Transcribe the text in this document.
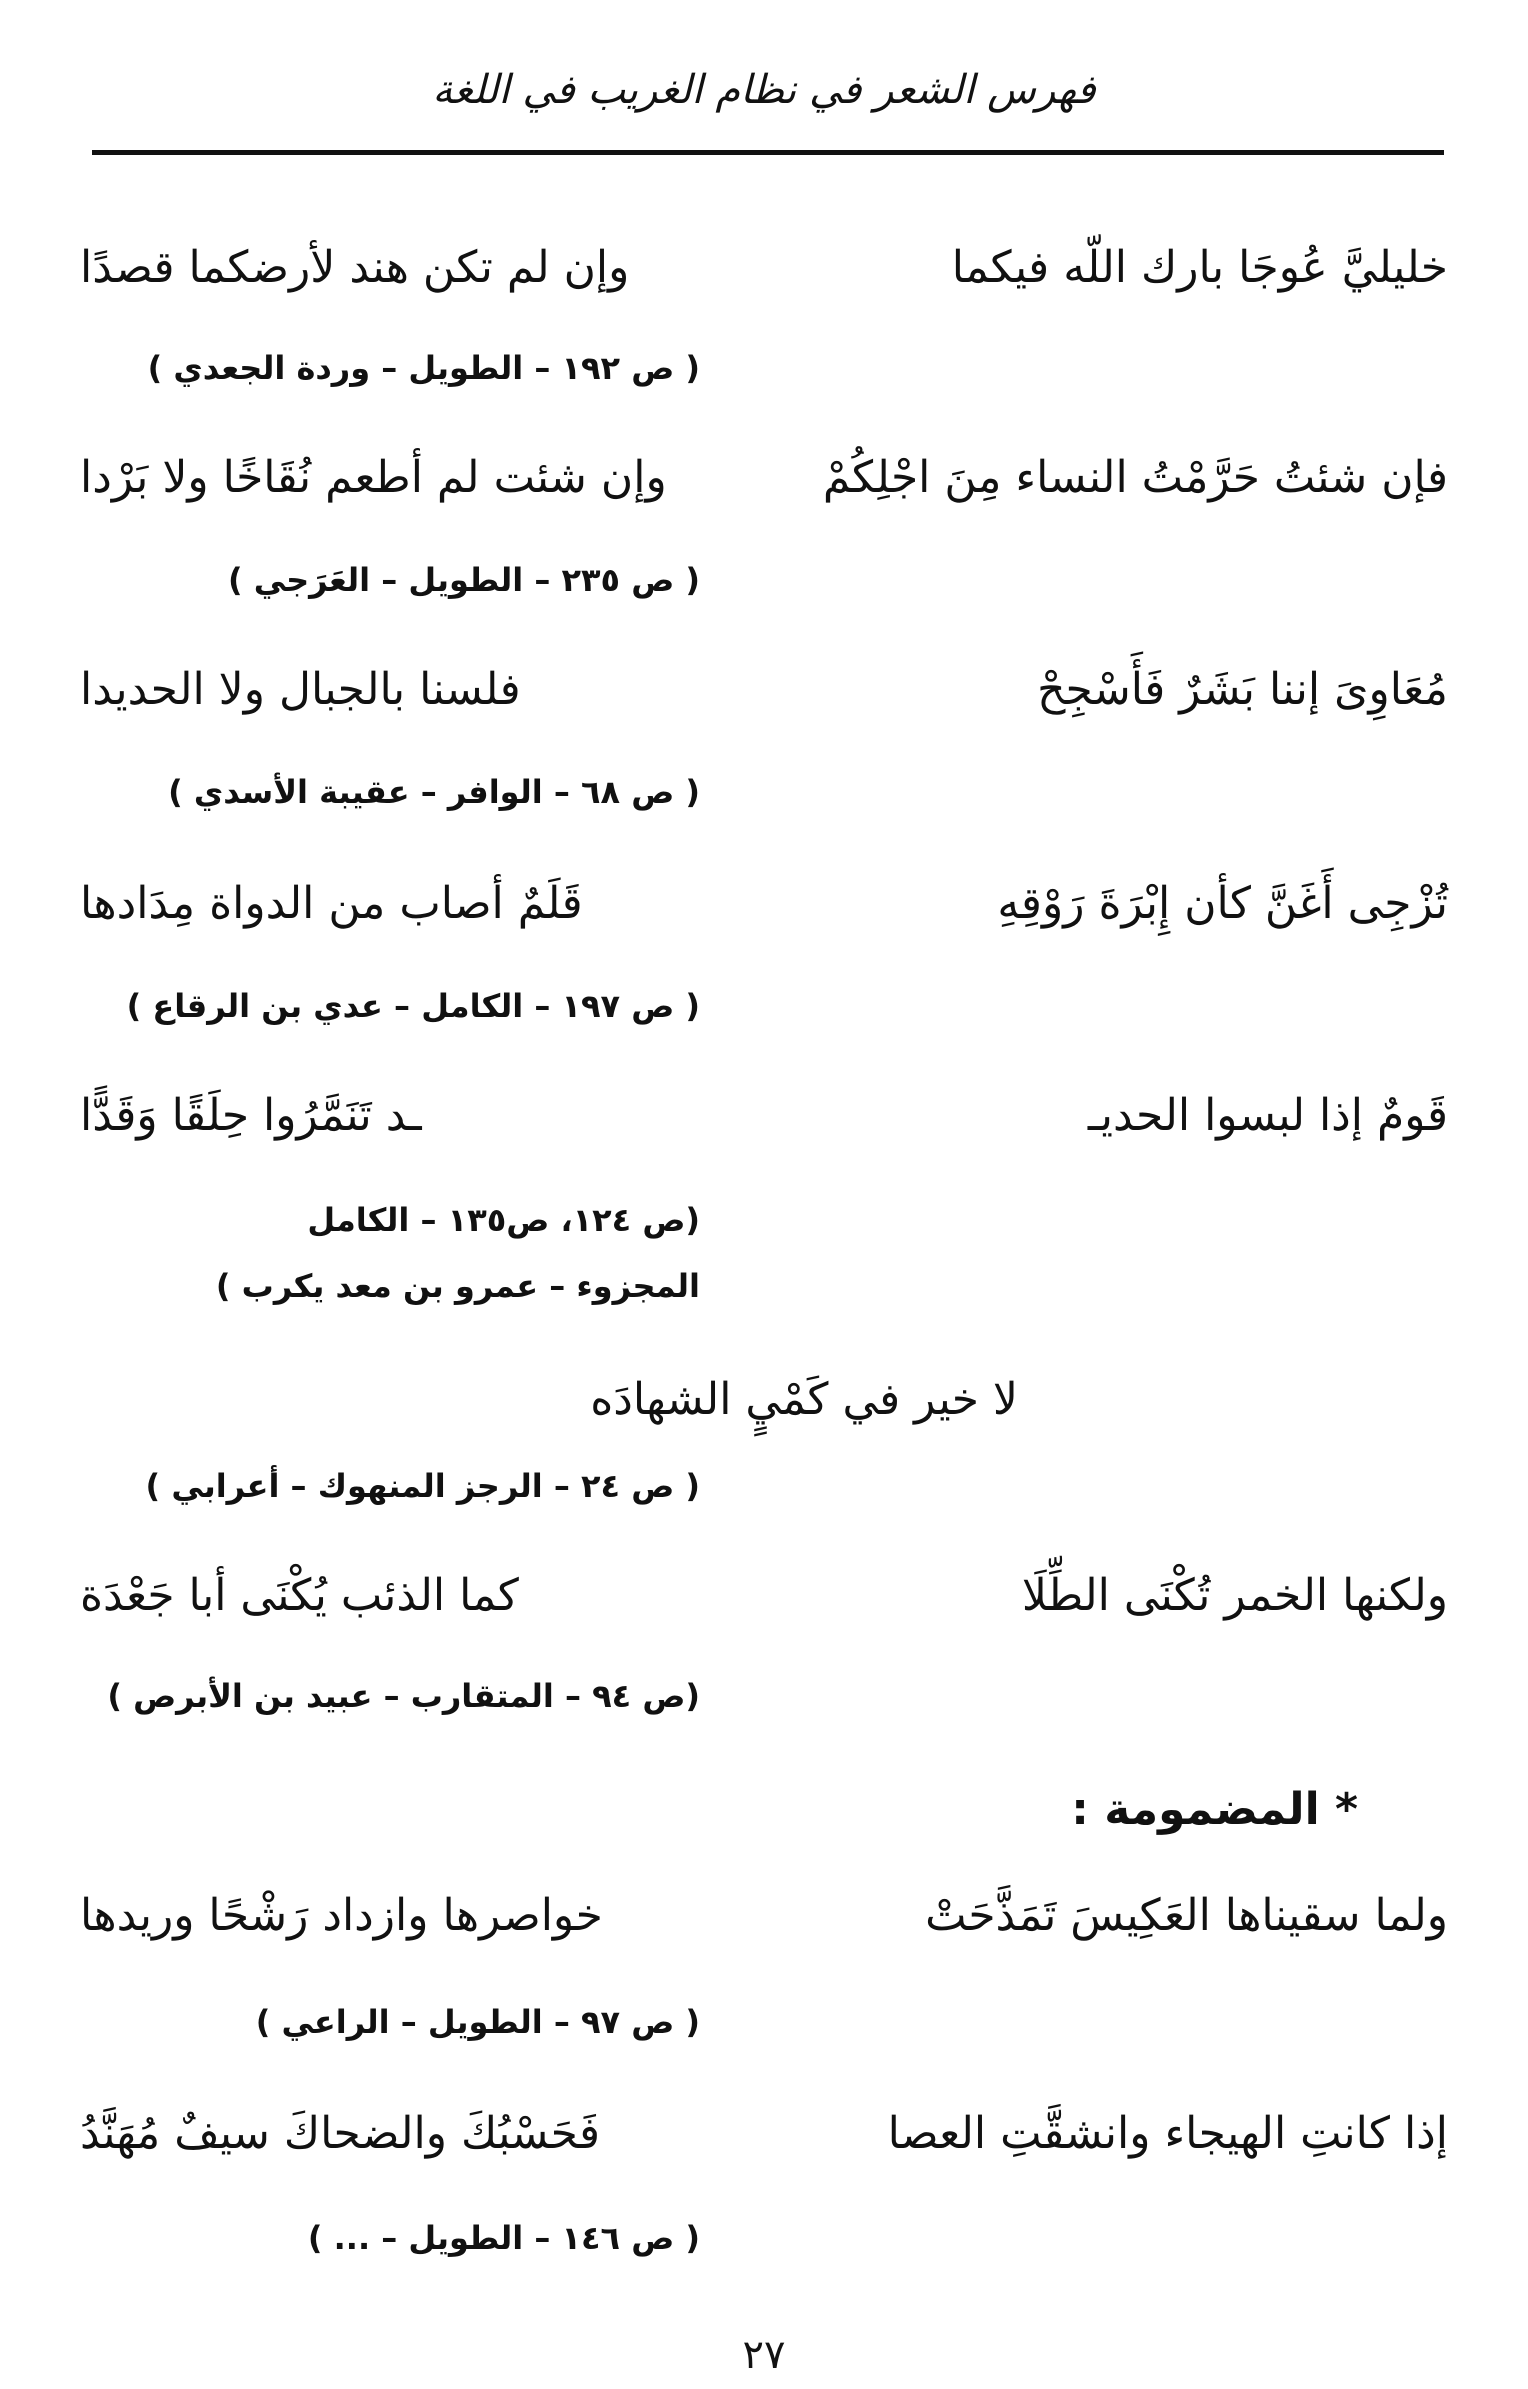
فهرس الشعر في نظام الغريب في اللغة
خليليَّ عُوجَا بارك اللّه فيكما
وإن لم تكن هند لأرضكما قصدًا
( ص ١٩٢ – الطويل – وردة الجعدي )
فإن شئتُ حَرَّمْتُ النساء مِنَ اجْلِكُمْ
وإن شئت لم أطعم نُقَاخًا ولا بَرْدا
( ص ٢٣٥ – الطويل – العَرَجي )
مُعَاوِىَ إننا بَشَرٌ فَأَسْجِحْ
فلسنا بالجبال ولا الحديدا
( ص ٦٨ – الوافر – عقيبة الأسدي )
تُزْجِى أَغَنَّ كأن إِبْرَةَ رَوْقِهِ
قَلَمٌ أصاب من الدواة مِدَادها
( ص ١٩٧ – الكامل – عدي بن الرقاع )
قَومٌ إذا لبسوا الحديـ
ـد تَنَمَّرُوا حِلَقًا وَقَدًّا
(ص ١٢٤، ص١٣٥ – الكامل
المجزوء – عمرو بن معد يكرب )
لا خير في كَمْيٍ الشهادَه
( ص ٢٤ – الرجز المنهوك – أعرابي )
ولكنها الخمر تُكْنَى الطِّلَا
كما الذئب يُكْنَى أبا جَعْدَة
(ص ٩٤ – المتقارب – عبيد بن الأبرص )
* المضمومة :
ولما سقيناها العَكِيسَ تَمَذَّحَتْ
خواصرها وازداد رَشْحًا وريدها
( ص ٩٧ – الطويل – الراعي )
إذا كانتِ الهيجاء وانشقَّتِ العصا
فَحَسْبُكَ والضحاكَ سيفٌ مُهَنَّدُ
( ص ١٤٦ – الطويل – ... )
٢٧
